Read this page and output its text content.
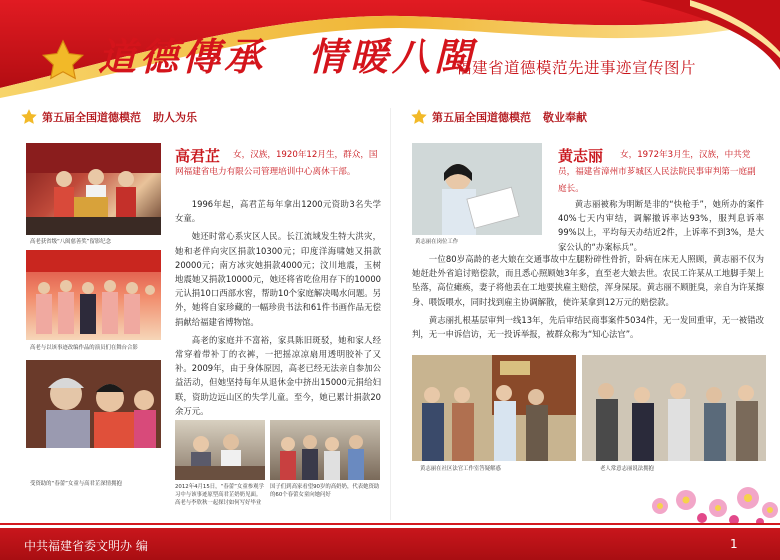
道德傳承　情暖八閩
福建省道德模范先进事迹宣传图片
第五届全国道德模范 助人为乐
高老获省级“八闽慈善奖”留影纪念
高君芷	女，汉族，1920年12月生，群众，国网福建省电力有限公司管理培训中心离休干部。

1996年起，高君芷每年拿出1200元资助3名失学女童。

她还时常心系灾区人民。长江流域发生特大洪灾，她和老伴向灾区捐款10300元；印度洋海啸她又捐款20000元；南方冰灾她捐款4000元；汶川地震，玉树地震她又捐款10000元，她还将省吃俭用存下的10000元认捐10口西部水窖，帮助10个家庭解决喝水问题。另外，她将自家珍藏的一幅珍贵书法和61件书画作品无偿捐献给福建省博物馆。

高老的家庭并不富裕，家具陈旧斑驳，她和家人经常穿着带补丁的衣裤，一把摇凉凉扇用透明胶补了又补。2009年，由于身体原因，高老已经无法亲自参加公益活动，但她坚持每年从退休金中挤出15000元捐给妇联，资助边远山区的失学儿童。至今，她已累计捐款20余万元。

高老与以该事迹改编作品的演员们在舞台合影
受资助的“春蕾”女童与高君芷深情拥抱	2012年4月15日，“春蕾”女童参观学习中与该事迹原型高君芷奶奶见面。高老与李欣秋一起探讨如何写好毕业
国子们到高家看望90岁的高奶奶，代表她资助的60个春蕾女童向她问好
第五届全国道德模范 敬业奉献
黄志丽在岗位工作
黄志丽	女，1972年3月生，汉族，中共党员，福建省漳州市芗城区人民法院民事审判第一庭副庭长。

黄志丽被称为明断是非的“快枪手”，她所办的案件40%七天内审结，调解撤诉率达93%，服判息诉率99%以上，平均每天办结近2件，上诉率不到3%，是大家公认的“办案标兵”。

一位80岁高龄的老大娘在交通事故中左腿粉碎性骨折，卧病在床无人照顾，黄志丽不仅为她赶赴外省追讨赔偿款，而且悉心照顾她3年多，直至老大娘去世。农民工许某从工地脚手架上坠落，高位瘫痪，妻子将他丢在工地要挟雇主赔偿，浑身屎尿。黄志丽不顾脏臭，亲自为许某擦身、喂饭喂水，同时找到雇主协调解散，使许某拿到12万元的赔偿款。

黄志丽扎根基层审判一线13年，先后审结民商事案件5034件，无一发回重审，无一被错改判，无一申诉信访，无一投诉举报，被群众称为“知心法官”。

黄志丽在社区法官工作室答疑解惑	老人常意志丽说法拥抱
中共福建省委文明办 编	1
